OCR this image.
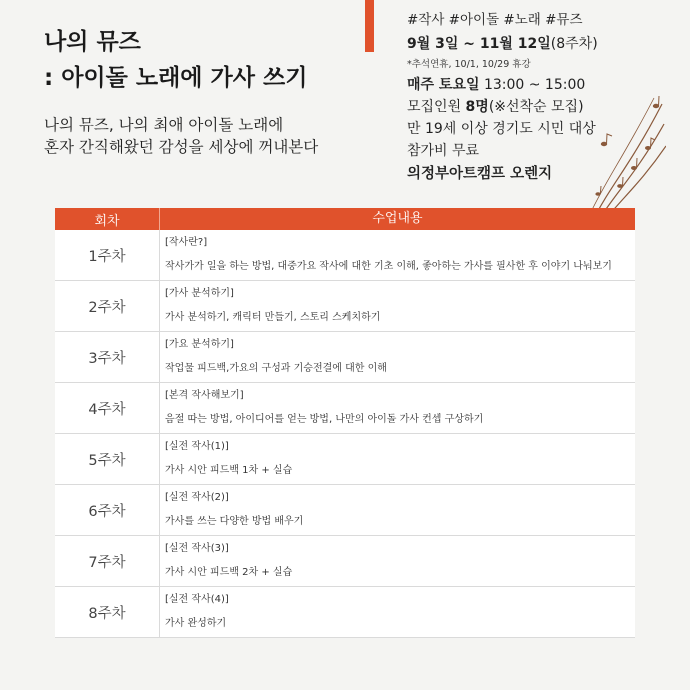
나의 뮤즈
: 아이돌 노래에 가사 쓰기
나의 뮤즈, 나의 최애 아이돌 노래에
혼자 간직해왔던 감성을 세상에 꺼내본다
#작사 #아이돌 #노래 #뮤즈
9월 3일 ~ 11월 12일(8주차)
*추석연휴, 10/1, 10/29 휴강
매주 토요일 13:00 ~ 15:00
모집인원 8명(※선착순 모집)
만 19세 이상 경기도 시민 대상
참가비 무료
의정부아트캠프 오렌지
회차	수업내용
1주차
[작사란?]
작사가가 일을 하는 방법, 대중가요 작사에 대한 기초 이해, 좋아하는 가사를 필사한 후 이야기 나눠보기
2주차
[가사 분석하기]
가사 분석하기, 캐릭터 만들기, 스토리 스케치하기
3주차
[가요 분석하기]
작업물 피드백,가요의 구성과 기승전결에 대한 이해
4주차
[본격 작사해보기]
음절 따는 방법, 아이디어를 얻는 방법, 나만의 아이돌 가사 컨셉 구상하기
5주차
[실전 작사(1)]
가사 시안 피드백 1차 + 실습
6주차
[실전 작사(2)]
가사를 쓰는 다양한 방법 배우기
7주차
[실전 작사(3)]
가사 시안 피드백 2차 + 실습
8주차
[실전 작사(4)]
가사 완성하기
